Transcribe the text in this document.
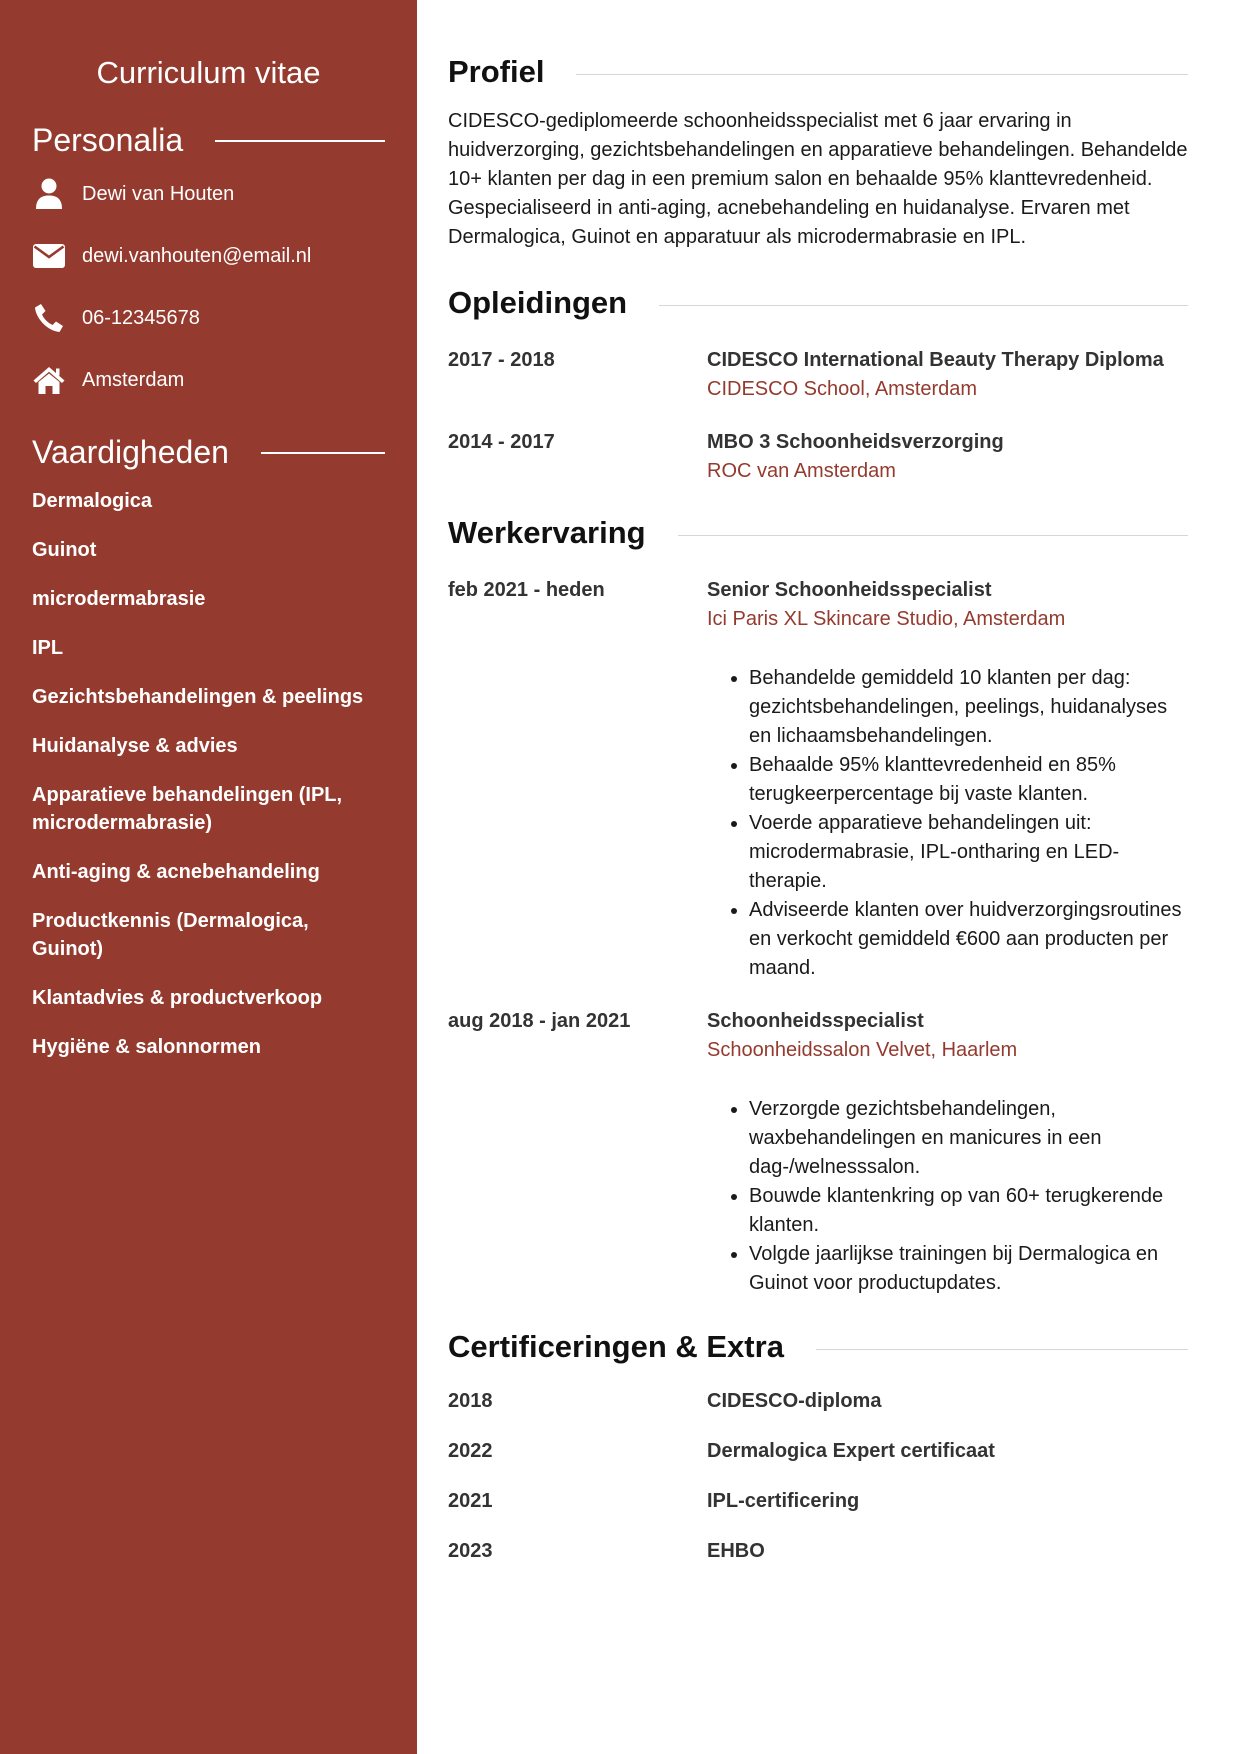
Curriculum vitae
Personalia
Dewi van Houten
dewi.vanhouten@email.nl
06-12345678
Amsterdam
Vaardigheden
Dermalogica
Guinot
microdermabrasie
IPL
Gezichtsbehandelingen & peelings
Huidanalyse & advies
Apparatieve behandelingen (IPL, microdermabrasie)
Anti-aging & acnebehandeling
Productkennis (Dermalogica, Guinot)
Klantadvies & productverkoop
Hygiëne & salonnormen
Profiel

CIDESCO-gediplomeerde schoonheidsspecialist met 6 jaar ervaring in huidverzorging, gezichtsbehandelingen en apparatieve behandelingen. Behandelde 10+ klanten per dag in een premium salon en behaalde 95% klanttevredenheid. Gespecialiseerd in anti-aging, acnebehandeling en huidanalyse. Ervaren met Dermalogica, Guinot en apparatuur als microdermabrasie en IPL.

Opleidingen
2017 - 2018	CIDESCO International Beauty Therapy Diploma
CIDESCO School, Amsterdam
2014 - 2017	MBO 3 Schoonheidsverzorging
ROC van Amsterdam
Werkervaring
feb 2021 - heden	Senior Schoonheidsspecialist
Ici Paris XL Skincare Studio, Amsterdam
• Behandelde gemiddeld 10 klanten per dag: gezichtsbehandelingen, peelings, huidanalyses en lichaamsbehandelingen.
• Behaalde 95% klanttevredenheid en 85% terugkeerpercentage bij vaste klanten.
• Voerde apparatieve behandelingen uit: microdermabrasie, IPL-ontharing en LED-therapie.
• Adviseerde klanten over huidverzorgingsroutines en verkocht gemiddeld €600 aan producten per maand.
aug 2018 - jan 2021	Schoonheidsspecialist
Schoonheidssalon Velvet, Haarlem
• Verzorgde gezichtsbehandelingen, waxbehandelingen en manicures in een dag-/welnesssalon.
• Bouwde klantenkring op van 60+ terugkerende klanten.
• Volgde jaarlijkse trainingen bij Dermalogica en Guinot voor productupdates.
Certificeringen & Extra
2018	CIDESCO-diploma
2022	Dermalogica Expert certificaat
2021	IPL-certificering
2023	EHBO
